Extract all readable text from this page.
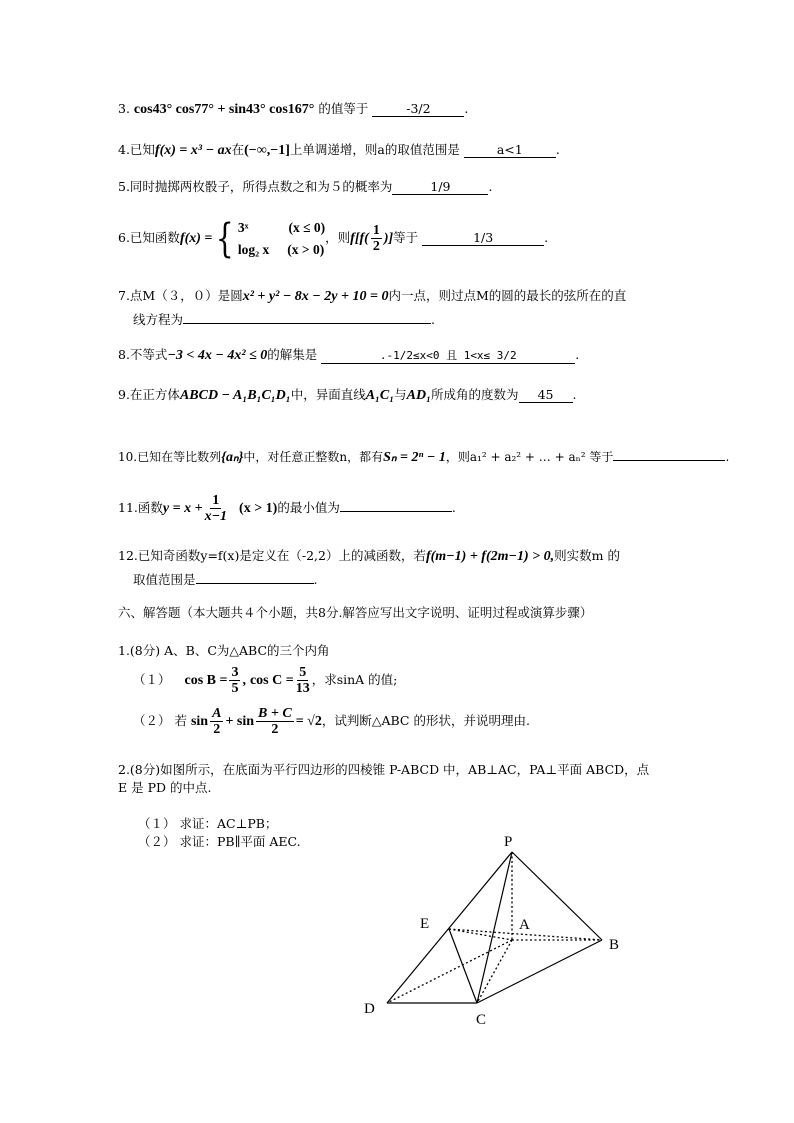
3. cos43° cos77° + sin43° cos167° 的值等于	-3/2	.
4.已知f(x) = x³ − ax在(−∞,−1]上单调递增，则a的取值范围是	a<1	.
5.同时抛掷两枚骰子，所得点数之和为５的概率为	1/9	.
6.已知函数f(x) ={ 3ˣ	(x ≤ 0)
log₂ x (x > 0)
，则$f[f( \frac{1}{2}$ )]等于	1/3	.
7.点M（３，０）是圆x² + y² − 8x − 2y + 10 = 0内一点，则过点M的圆的最长的弦所在的直
线方程为	.
8.不等式−3 < 4x − 4x² ≤ 0的解集是	.-1/2≤x<0 且 1<x≤ 3/2	.
9.在正方体ABCD − A₁B₁C₁D₁中，异面直线A₁C₁与AD₁所成角的度数为 45 .
10.已知在等比数列{aₙ}中，对任意正整数n，都有Sₙ = 2ⁿ − 1，则a₁² + a₂² + … + aₙ² 等于	.
11.函数$y = x + \frac{1}{x-1} (x > 1)$的最小值为	.
12.已知奇函数y=f(x)是定义在（-2,2）上的减函数，若f(m−1) + f(2m−1) > 0,则实数m 的
取值范围是	.
六、解答题（本大题共４个小题，共8分.解答应写出文字说明、证明过程或演算步骤）
1.(8分) A、B、C为△ABC的三个内角
（１） $\cos B = \frac{3}{5}$ , $\cos C = \frac{5}{13}$ ，求sinA 的值;
（２） 若 $\sin \frac{A}{2} + \sin \frac{B + C}{2} = √2$，试判断△ABC 的形状，并说明理由.
2.(8分)如图所示，在底面为平行四边形的四棱锥 P-ABCD 中，AB⊥AC，PA⊥平面 ABCD，点
E 是 PD 的中点.
（１） 求证：AC⊥PB；
（２） 求证：PB∥平面 AEC.	P
E	A
B
D
C
